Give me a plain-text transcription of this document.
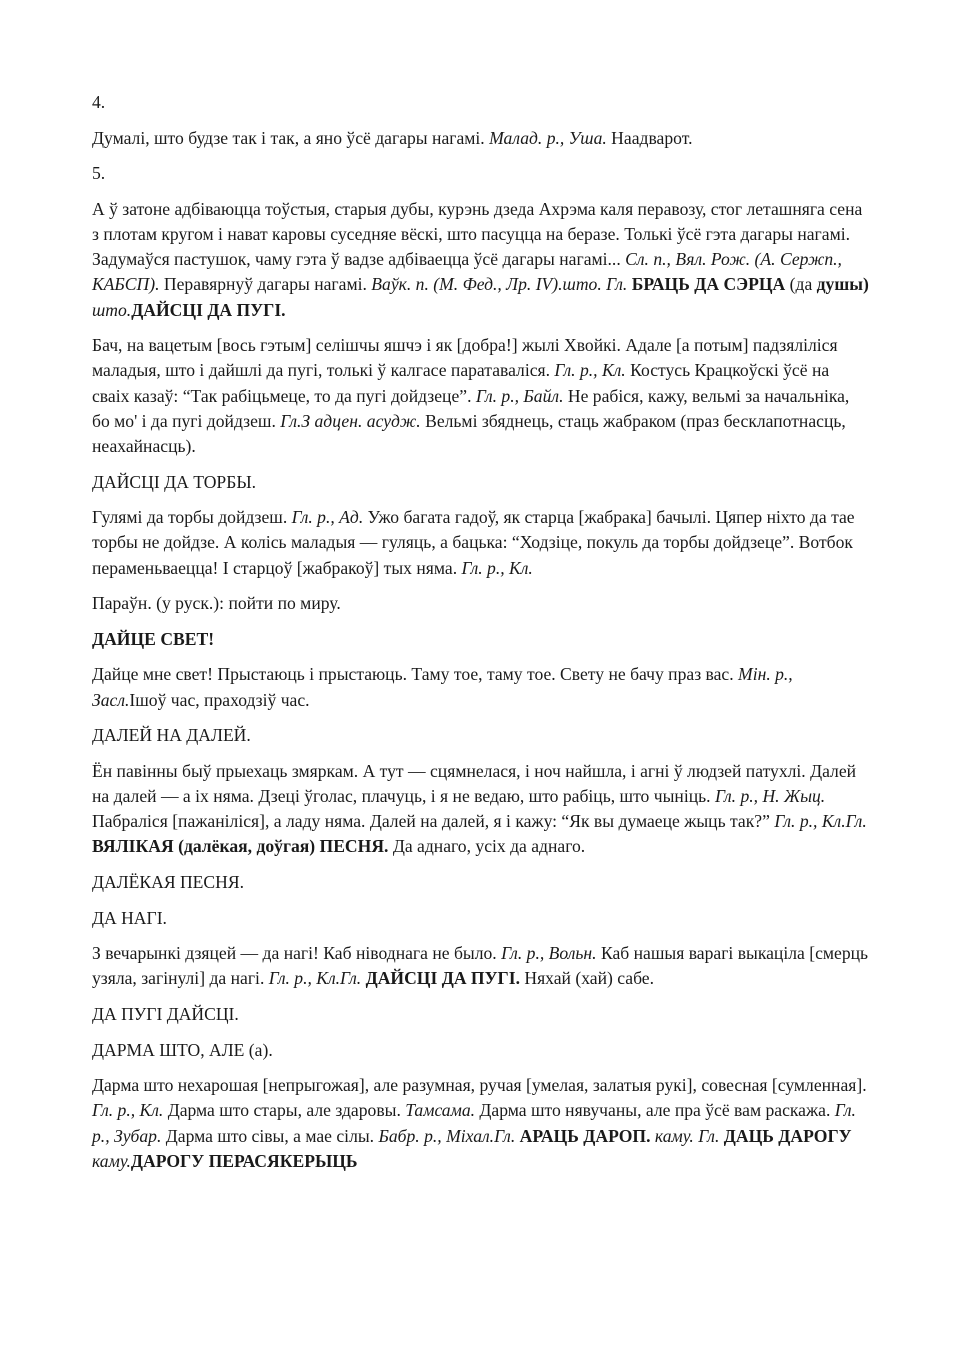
4.

Думалі, што будзе так і так, а яно ўсё дагары нагамі. Малад. р., Уша. Наадварот.

5.

А ў затоне адбіваюцца тоўстыя, старыя дубы, курэнь дзеда Ахрэма каля перавозу, стог леташняга сена з плотам кругом і нават каровы суседняе вёскі, што пасуцца на беразе. Толькі ўсё гэта дагары нагамі. Задумаўся пастушок, чаму гэта ў вадзе адбіваецца ўсё дагары нагамі... Сл. п., Вял. Рож. (А. Сержп., КАБСП). Перавярнуў дагары нагамі. Ваўк. п. (М. Фед., Лр. IV).што. Гл. БРАЦЬ ДА СЭРЦА (да душы) што.ДАЙСЦІ ДА ПУГІ.

Бач, на вацетым [вось гэтым] селішчы яшчэ і як [добра!] жылі Хвойкі. Адале [а потым] падзяліліся маладыя, што і дайшлі да пугі, толькі ў калгасе паратаваліся. Гл. р., Кл. Костусь Крацкоўскі ўсё на сваіх казаў: “Так рабіцьмеце, то да пугі дойдзеце”. Гл. р., Байл. Не рабіся, кажу, вельмі за начальніка, бо мо' і да пугі дойдзеш. Гл.З адцен. асудж. Вельмі збяднець, стаць жабраком (праз бесклапотнасць, неахайнасць).

ДАЙСЦІ ДА ТОРБЫ.

Гулямі да торбы дойдзеш. Гл. р., Ад. Ужо багата гадоў, як старца [жабрака] бачылі. Цяпер ніхто да тае торбы не дойдзе. А колісь маладыя — гуляць, а бацька: “Ходзіце, покуль да торбы дойдзеце”. Вотбок пераменьваецца! І старцоў [жабракоў] тых няма. Гл. р., Кл.

Параўн. (у руск.): пойти по миру.

ДАЙЦЕ СВЕТ!

Дайце мне свет! Прыстаюць і прыстаюць. Таму тое, таму тое. Свету не бачу праз вас. Мін. р., Засл.Ішоў час, праходзіў час.

ДАЛЕЙ НА ДАЛЕЙ.

Ён павінны быў прыехаць змяркам. А тут — сцямнелася, і ноч найшла, і агні ў людзей патухлі. Далей на далей — а іх няма. Дзеці ўголас, плачуць, і я не ведаю, што рабіць, што чыніць. Гл. р., Н. Жыц. Пабраліся [пажаніліся], а ладу няма. Далей на далей, я і кажу: “Як вы думаеце жыць так?” Гл. р., Кл.Гл. ВЯЛІКАЯ (далёкая, доўгая) ПЕСНЯ. Да аднаго, усіх да аднаго.

ДАЛЁКАЯ ПЕСНЯ.

ДА НАГІ.

З вечарынкі дзяцей — да нагі! Каб ніводнага не было. Гл. р., Вольн. Каб нашыя варагі выкаціла [смерць узяла, загінулі] да нагі. Гл. р., Кл.Гл. ДАЙСЦІ ДА ПУГІ. Няхай (хай) сабе.

ДА ПУГІ ДАЙСЦІ.

ДАРМА ШТО, АЛЕ (а).

Дарма што нехарошая [непрыгожая], але разумная, ручая [умелая, залатыя рукі], совесная [сумленная]. Гл. р., Кл. Дарма што стары, але здаровы. Тамсама. Дарма што нявучаны, але пра ўсё вам раскажа. Гл. р., Зубар. Дарма што сівы, а мае сілы. Бабр. р., Міхал.Гл. АРАЦЬ ДАРОП. каму. Гл. ДАЦЬ ДАРОГУ каму.ДАРОГУ ПЕРАСЯКЕРЫЦЬ
